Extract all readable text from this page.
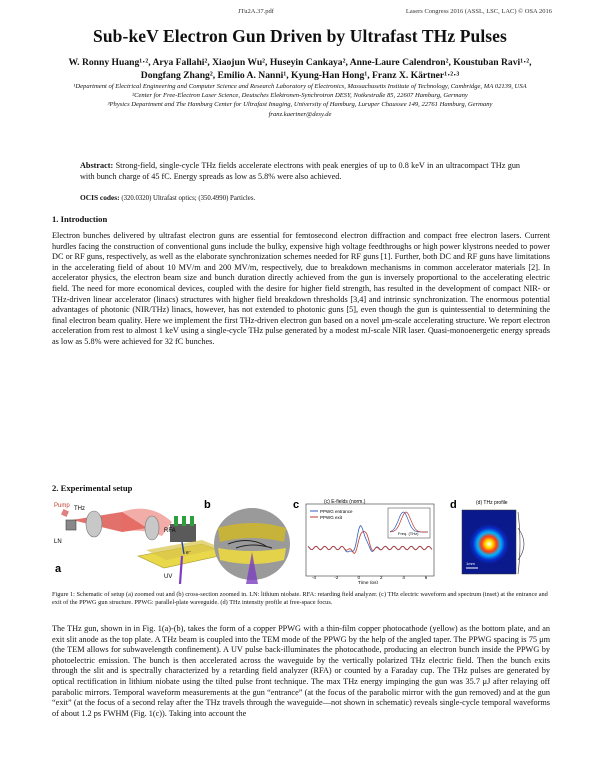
JTu2A.37.pdf	Lasers Congress 2016 (ASSL, LSC, LAC) © OSA 2016
Sub-keV Electron Gun Driven by Ultrafast THz Pulses
W. Ronny Huang¹·², Arya Fallahi², Xiaojun Wu², Huseyin Cankaya², Anne-Laure Calendron², Koustuban Ravi¹·², Dongfang Zhang², Emilio A. Nanni¹, Kyung-Han Hong¹, Franz X. Kärtner¹·²·³

¹Department of Electrical Engineering and Computer Science and Research Laboratory of Electronics, Massachusetts Institute of Technology, Cambridge, MA 02139, USA

²Center for Free-Electron Laser Science, Deutsches Elektronen-Synchrotron DESY, Notkestraße 85, 22607 Hamburg, Germany

³Physics Department and The Hamburg Center for Ultrafast Imaging, University of Hamburg, Luruper Chaussee 149, 22761 Hamburg, Germany

franz.kaertner@desy.de

Abstract: Strong-field, single-cycle THz fields accelerate electrons with peak energies of up to 0.8 keV in an ultracompact THz gun with bunch charge of 45 fC. Energy spreads as low as 5.8% were also achieved.
OCIS codes: (320.0320) Ultrafast optics; (350.4990) Particles.
1. Introduction

Electron bunches delivered by ultrafast electron guns are essential for femtosecond electron diffraction and compact free electron lasers. Current hurdles facing the construction of conventional guns include the bulky, expensive high voltage feedthroughs or high power klystrons needed to power DC or RF guns, respectively, as well as the elaborate synchronization schemes needed for RF guns [1]. Further, both DC and RF guns have limitations in the accelerating field of about 10 MV/m and 200 MV/m, respectively, due to breakdown mechanisms in common accelerator materials [2]. In accelerator physics, the electron beam size and bunch duration directly achieved from the gun is inversely proportional to the accelerating electric field. The need for more economical devices, coupled with the desire for higher field strength, has resulted in the development of compact NIR- or THz-driven linear accelerator (linacs) structures with higher field breakdown thresholds [3,4] and intrinsic synchronization. The enormous potential advantages of photonic (NIR/THz) linacs, however, has not extended to photonic guns [5], even though the gun is quintessential to determining the final electron beam quality. Here we implement the first THz-driven electron gun based on a novel μm-scale accelerating structure. We report electron acceleration from rest to almost 1 keV using a single-cycle THz pulse generated by a modest mJ-scale NIR laser. Quasi-monoenergetic energy spreads as low as 5.8% were achieved for 32 fC bunches.

2. Experimental setup
Pump THz
LN
a
RFA
e⁻
UV
b	c	(c) E-fields (norm.)
Freq. (THz)
PPWG entrance
PPWG exit
-4	-2	0	2	4	6
Time (ps)
d	(d) THz profile
1mm
Figure 1: Schematic of setup (a) zoomed out and (b) cross-section zoomed in. LN: lithium niobate. RFA: retarding field analyzer. (c) THz electric waveform and spectrum (inset) at the entrance and exit of the PPWG gun structure. PPWG: parallel-plate waveguide. (d) THz intensity profile at free-space focus.

The THz gun, shown in in Fig. 1(a)-(b), takes the form of a copper PPWG with a thin-film copper photocathode (yellow) as the bottom plate, and an exit slit anode as the top plate. A THz beam is coupled into the TEM mode of the PPWG by the help of the angled taper. The PPWG spacing is 75 μm (the TEM allows for subwavelength confinement). A UV pulse back-illuminates the photocathode, producing an electron bunch inside the PPWG by photoelectric emission. The bunch is then accelerated across the waveguide by the vertically polarized THz electric field. Then the bunch exits through the slit and is spectrally characterized by a retarding field analyzer (RFA) or counted by a Faraday cup. The THz pulses are generated by optical rectification in lithium niobate using the tilted pulse front technique. The max THz energy impinging the gun was 35.7 μJ after relaying off parabolic mirrors. Temporal waveform measurements at the gun “entrance” (at the focus of the parabolic mirror with the gun removed) and at the gun “exit” (at the focus of a second relay after the THz travels through the waveguide—not shown in schematic) reveals single-cycle temporal waveforms of about 1.2 ps FWHM (Fig. 1(c)). Taking into account the
